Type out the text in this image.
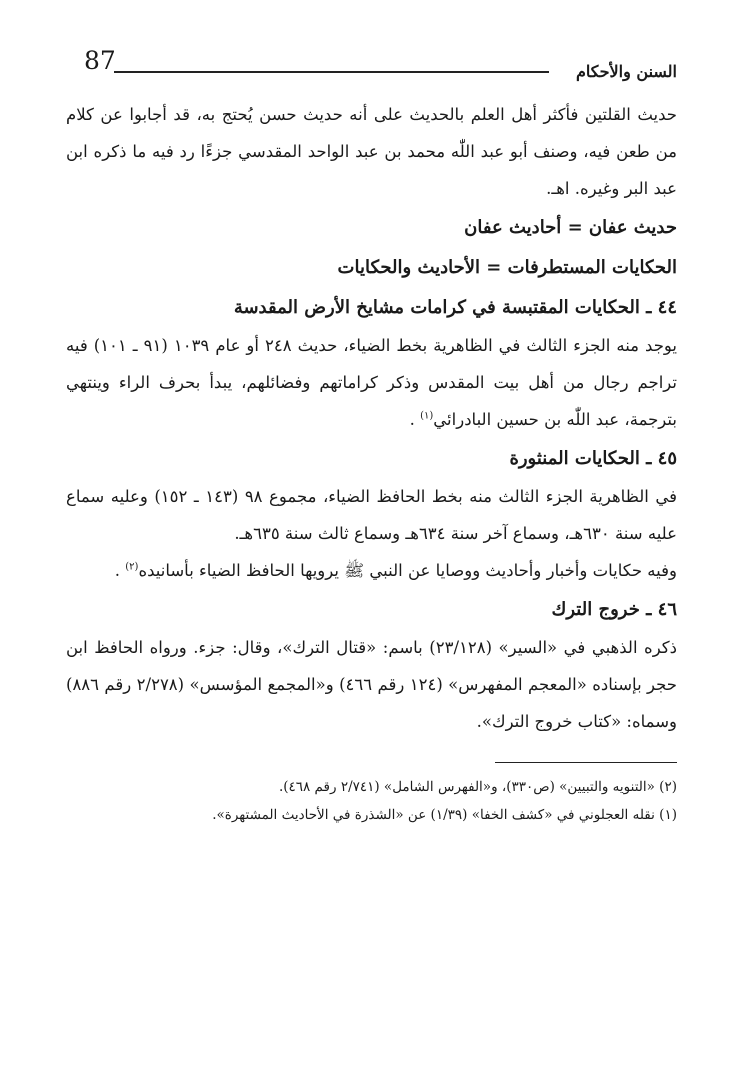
87	السنن والأحكام

حديث القلتين فأكثر أهل العلم بالحديث على أنه حديث حسن يُحتج به، قد أجابوا عن كلام من طعن فيه، وصنف أبو عبد اللّٰه محمد بن عبد الواحد المقدسي جزءًا رد فيه ما ذكره ابن عبد البر وغيره. اهـ.

حديث عفان = أحاديث عفان
الحكايات المستطرفات = الأحاديث والحكايات
٤٤ ـ الحكايات المقتبسة في كرامات مشايخ الأرض المقدسة

يوجد منه الجزء الثالث في الظاهرية بخط الضياء، حديث ٢٤٨ أو عام ١٠٣٩ (٩١ ـ ١٠١) فيه تراجم رجال من أهل بيت المقدس وذكر كراماتهم وفضائلهم، يبدأ بحرف الراء وينتهي بترجمة، عبد اللّٰه بن حسين البادرائي$^{(١)}$ .

٤٥ ـ الحكايات المنثورة

في الظاهرية الجزء الثالث منه بخط الحافظ الضياء، مجموع ٩٨ (١٤٣ ـ ١٥٢) وعليه سماع عليه سنة ٦٣٠هـ، وسماع آخر سنة ٦٣٤هـ وسماع ثالث سنة ٦٣٥هـ.

وفيه حكايات وأخبار وأحاديث ووصايا عن النبي ﷺ يرويها الحافظ الضياء بأسانيده$^{(٢)}$ .

٤٦ ـ خروج الترك

ذكره الذهبي في «السير» (٢٣/١٢٨) باسم: «قتال الترك»، وقال: جزء. ورواه الحافظ ابن حجر بإسناده «المعجم المفهرس» (١٢٤ رقم ٤٦٦) و«المجمع المؤسس» (٢/٢٧٨ رقم ٨٨٦) وسماه: «كتاب خروج الترك».

(٢) «التنويه والتبيين» (ص٣٣٠)، و«الفهرس الشامل» (٢/٧٤١ رقم ٤٦٨).

(١) نقله العجلوني في «كشف الخفا» (١/٣٩) عن «الشذرة في الأحاديث المشتهرة».
